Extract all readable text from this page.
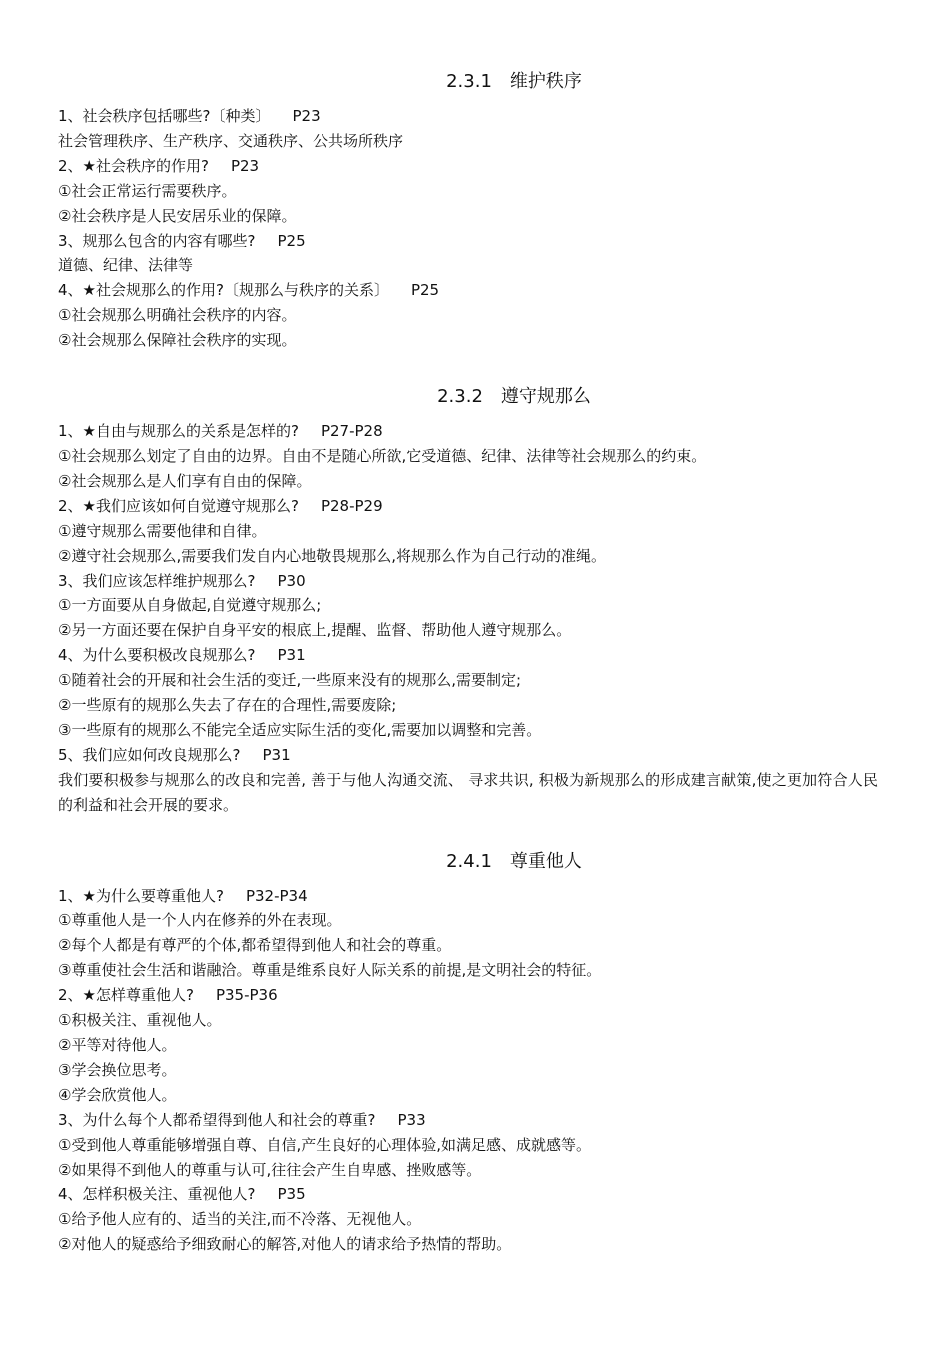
2.3.1 维护秩序
1、社会秩序包括哪些?〔种类〕 P23
社会管理秩序、生产秩序、交通秩序、公共场所秩序
2、★社会秩序的作用? P23
①社会正常运行需要秩序。
②社会秩序是人民安居乐业的保障。
3、规那么包含的内容有哪些? P25
道德、纪律、法律等
4、★社会规那么的作用?〔规那么与秩序的关系〕 P25
①社会规那么明确社会秩序的内容。
②社会规那么保障社会秩序的实现。
2.3.2 遵守规那么
1、★自由与规那么的关系是怎样的? P27-P28
①社会规那么划定了自由的边界。自由不是随心所欲,它受道德、纪律、法律等社会规那么的约束。
②社会规那么是人们享有自由的保障。
2、★我们应该如何自觉遵守规那么? P28-P29
①遵守规那么需要他律和自律。
②遵守社会规那么,需要我们发自内心地敬畏规那么,将规那么作为自己行动的准绳。
3、我们应该怎样维护规那么? P30
①一方面要从自身做起,自觉遵守规那么;
②另一方面还要在保护自身平安的根底上,提醒、监督、帮助他人遵守规那么。
4、为什么要积极改良规那么? P31
①随着社会的开展和社会生活的变迁,一些原来没有的规那么,需要制定;
②一些原有的规那么失去了存在的合理性,需要废除;
③一些原有的规那么不能完全适应实际生活的变化,需要加以调整和完善。
5、我们应如何改良规那么? P31
我们要积极参与规那么的改良和完善, 善于与他人沟通交流、 寻求共识, 积极为新规那么的形成建言献策,使之更加符合人民的利益和社会开展的要求。
2.4.1 尊重他人
1、★为什么要尊重他人? P32-P34
①尊重他人是一个人内在修养的外在表现。
②每个人都是有尊严的个体,都希望得到他人和社会的尊重。
③尊重使社会生活和谐融洽。尊重是维系良好人际关系的前提,是文明社会的特征。
2、★怎样尊重他人? P35-P36
①积极关注、重视他人。
②平等对待他人。
③学会换位思考。
④学会欣赏他人。
3、为什么每个人都希望得到他人和社会的尊重? P33
①受到他人尊重能够增强自尊、自信,产生良好的心理体验,如满足感、成就感等。
②如果得不到他人的尊重与认可,往往会产生自卑感、挫败感等。
4、怎样积极关注、重视他人? P35
①给予他人应有的、适当的关注,而不冷落、无视他人。
②对他人的疑惑给予细致耐心的解答,对他人的请求给予热情的帮助。
